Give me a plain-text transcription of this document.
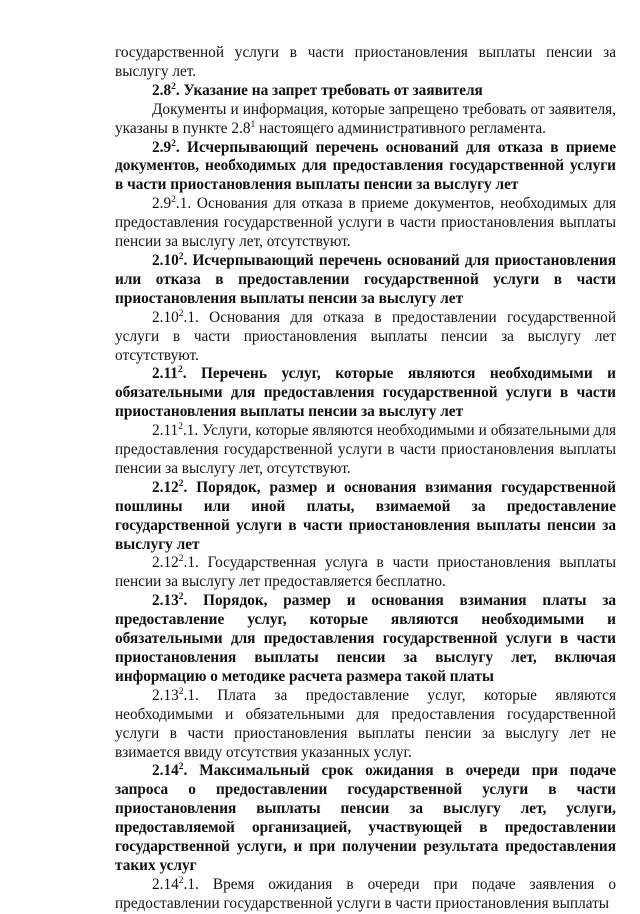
государственной услуги в части приостановления выплаты пенсии за выслугу лет.

$2.8^2$. Указание на запрет требовать от заявителя

Документы и информация, которые запрещено требовать от заявителя, указаны в пункте $2.8^1$ настоящего административного регламента.

$2.9^2$. Исчерпывающий перечень оснований для отказа в приеме документов, необходимых для предоставления государственной услуги в части приостановления выплаты пенсии за выслугу лет

$2.9^2.1$. Основания для отказа в приеме документов, необходимых для предоставления государственной услуги в части приостановления выплаты пенсии за выслугу лет, отсутствуют.

2.10$^2$. Исчерпывающий перечень оснований для приостановления или отказа в предоставлении государственной услуги в части приостановления выплаты пенсии за выслугу лет

2.10$^2$.1. Основания для отказа в предоставлении государственной услуги в части приостановления выплаты пенсии за выслугу лет отсутствуют.

2.11$^2$. Перечень услуг, которые являются необходимыми и обязательными для предоставления государственной услуги в части приостановления выплаты пенсии за выслугу лет

2.11$^2$.1. Услуги, которые являются необходимыми и обязательными для предоставления государственной услуги в части приостановления выплаты пенсии за выслугу лет, отсутствуют.

2.12$^2$. Порядок, размер и основания взимания государственной пошлины или иной платы, взимаемой за предоставление государственной услуги в части приостановления выплаты пенсии за выслугу лет

2.12$^2$.1. Государственная услуга в части приостановления выплаты пенсии за выслугу лет предоставляется бесплатно.

2.13$^2$. Порядок, размер и основания взимания платы за предоставление услуг, которые являются необходимыми и обязательными для предоставления государственной услуги в части приостановления выплаты пенсии за выслугу лет, включая информацию о методике расчета размера такой платы

2.13$^2$.1. Плата за предоставление услуг, которые являются необходимыми и обязательными для предоставления государственной услуги в части приостановления выплаты пенсии за выслугу лет не взимается ввиду отсутствия указанных услуг.

2.14$^2$. Максимальный срок ожидания в очереди при подаче запроса о предоставлении государственной услуги в части приостановления выплаты пенсии за выслугу лет, услуги, предоставляемой организацией, участвующей в предоставлении государственной услуги, и при получении результата предоставления таких услуг

2.14$^2$.1. Время ожидания в очереди при подаче заявления о предоставлении государственной услуги в части приостановления выплаты
